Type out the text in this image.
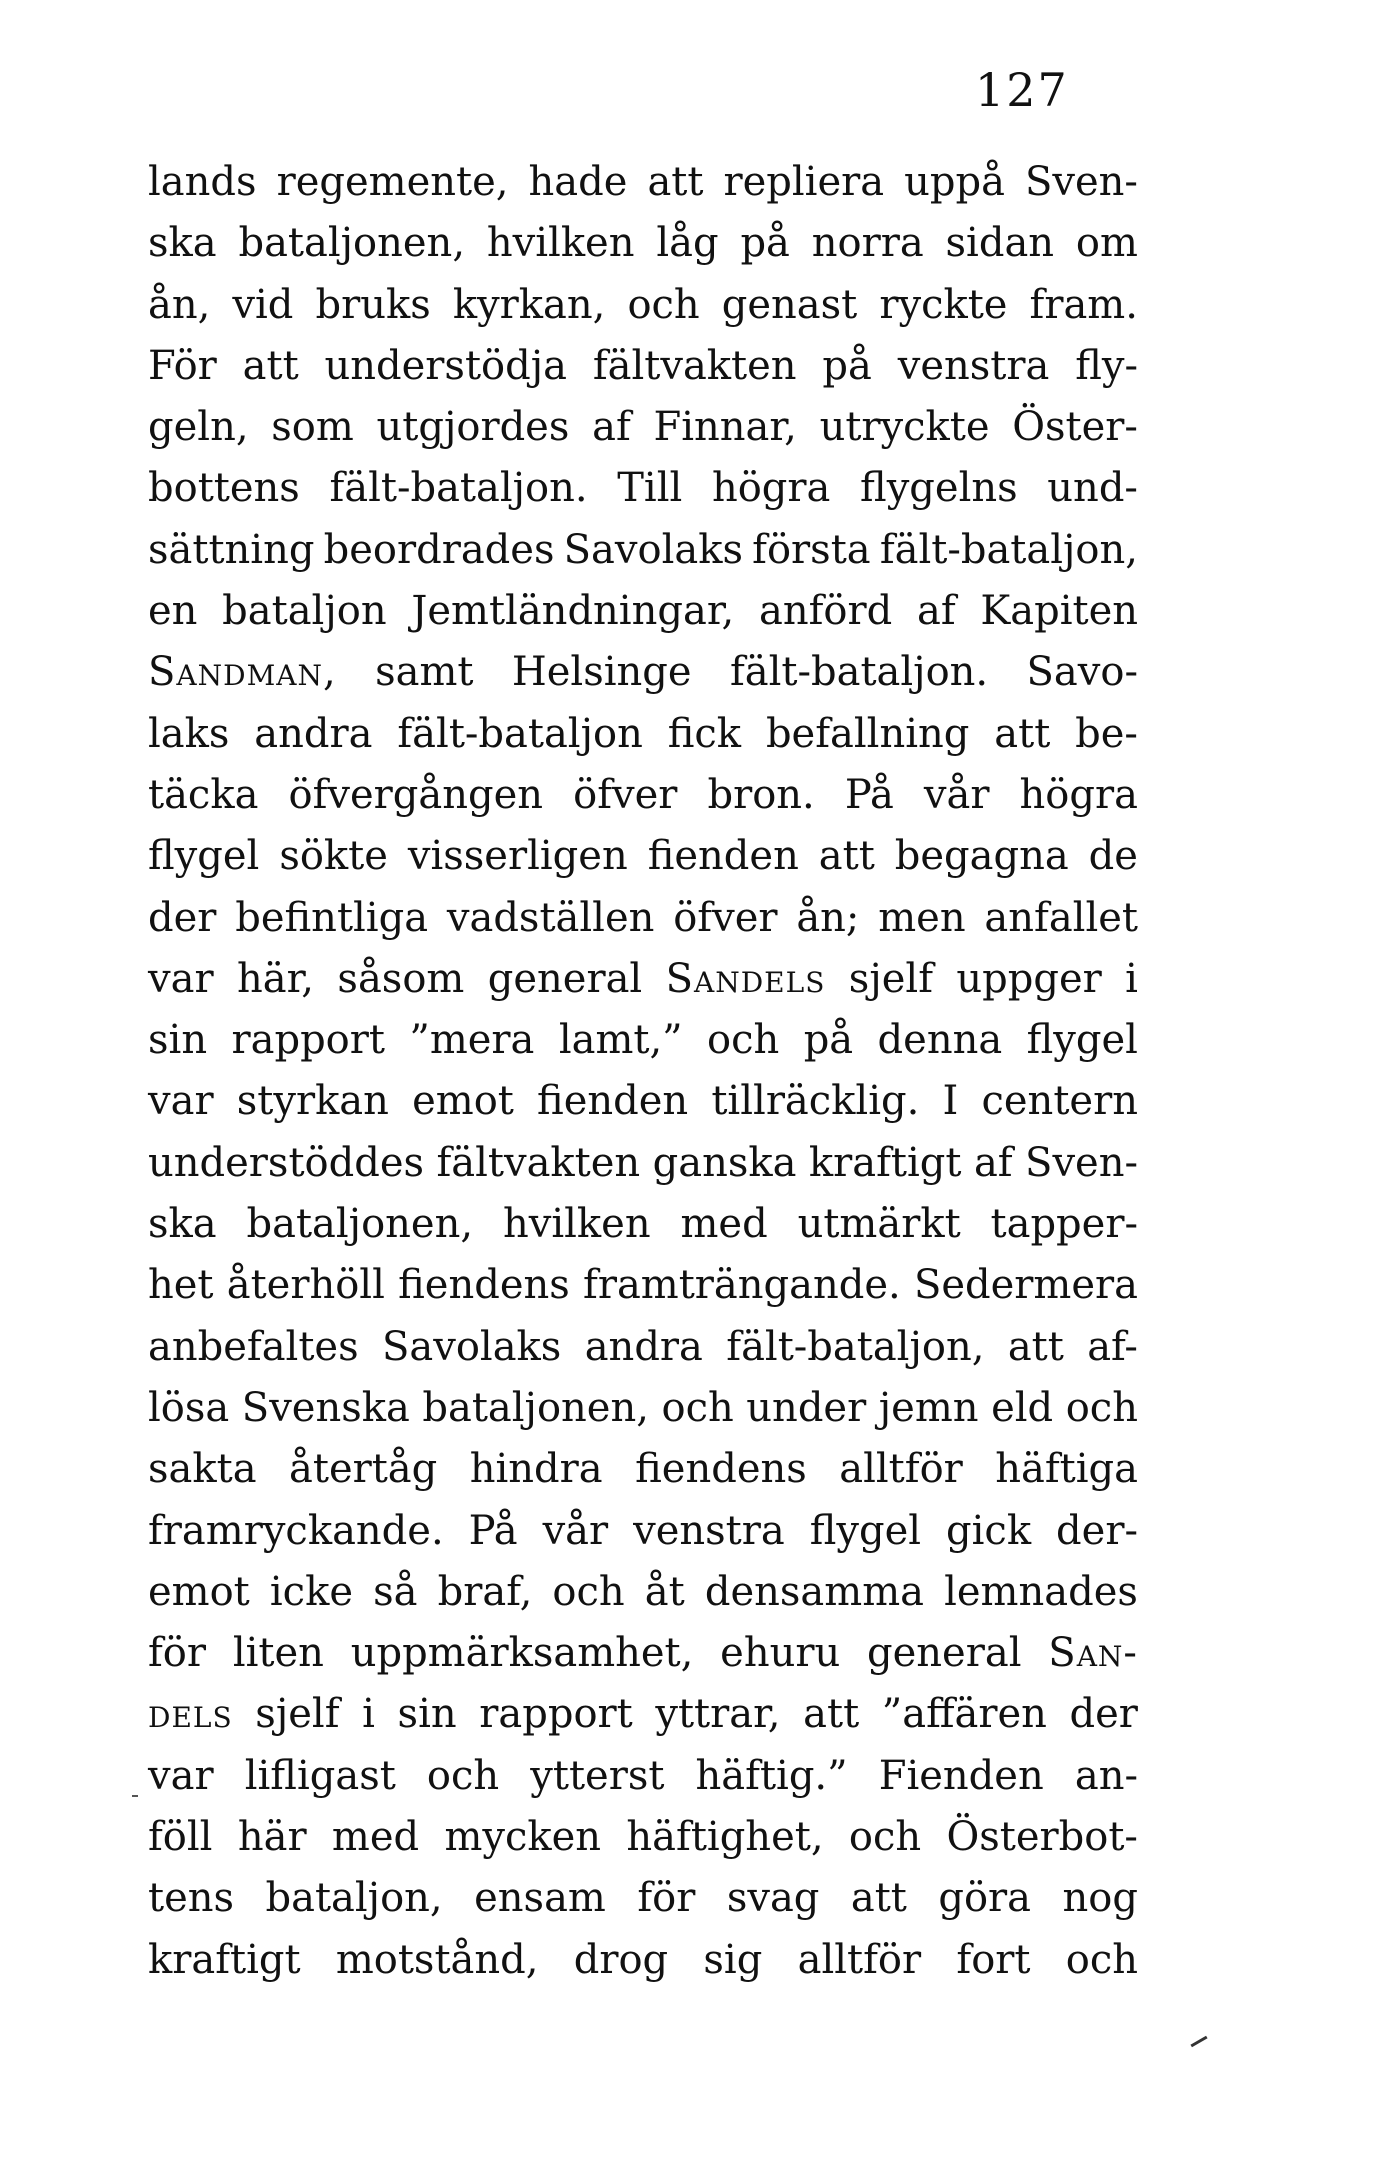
127
lands regemente, hade att repliera uppå Sven-
ska bataljonen, hvilken låg på norra sidan om
ån, vid bruks kyrkan, och genast ryckte fram.
För att understödja fältvakten på venstra fly-
geln, som utgjordes af Finnar, utryckte Öster-
bottens fält-bataljon. Till högra flygelns und-
sättning beordrades Savolaks första fält-bataljon,
en bataljon Jemtländningar, anförd af Kapiten
Sandman, samt Helsinge fält-bataljon. Savo-
laks andra fält-bataljon fick befallning att be-
täcka öfvergången öfver bron. På vår högra
flygel sökte visserligen fienden att begagna de
der befintliga vadställen öfver ån; men anfallet
var här, såsom general Sandels sjelf uppger i
sin rapport ”mera lamt,” och på denna flygel
var styrkan emot fienden tillräcklig. I centern
understöddes fältvakten ganska kraftigt af Sven-
ska bataljonen, hvilken med utmärkt tapper-
het återhöll fiendens framträngande. Sedermera
anbefaltes Savolaks andra fält-bataljon, att af-
lösa Svenska bataljonen, och under jemn eld och
sakta återtåg hindra fiendens alltför häftiga
framryckande. På vår venstra flygel gick der-
emot icke så braf, och åt densamma lemnades
för liten uppmärksamhet, ehuru general San-
dels sjelf i sin rapport yttrar, att ”affären der
var lifligast och ytterst häftig.” Fienden an-
föll här med mycken häftighet, och Österbot-
tens bataljon, ensam för svag att göra nog
kraftigt motstånd, drog sig alltför fort och
